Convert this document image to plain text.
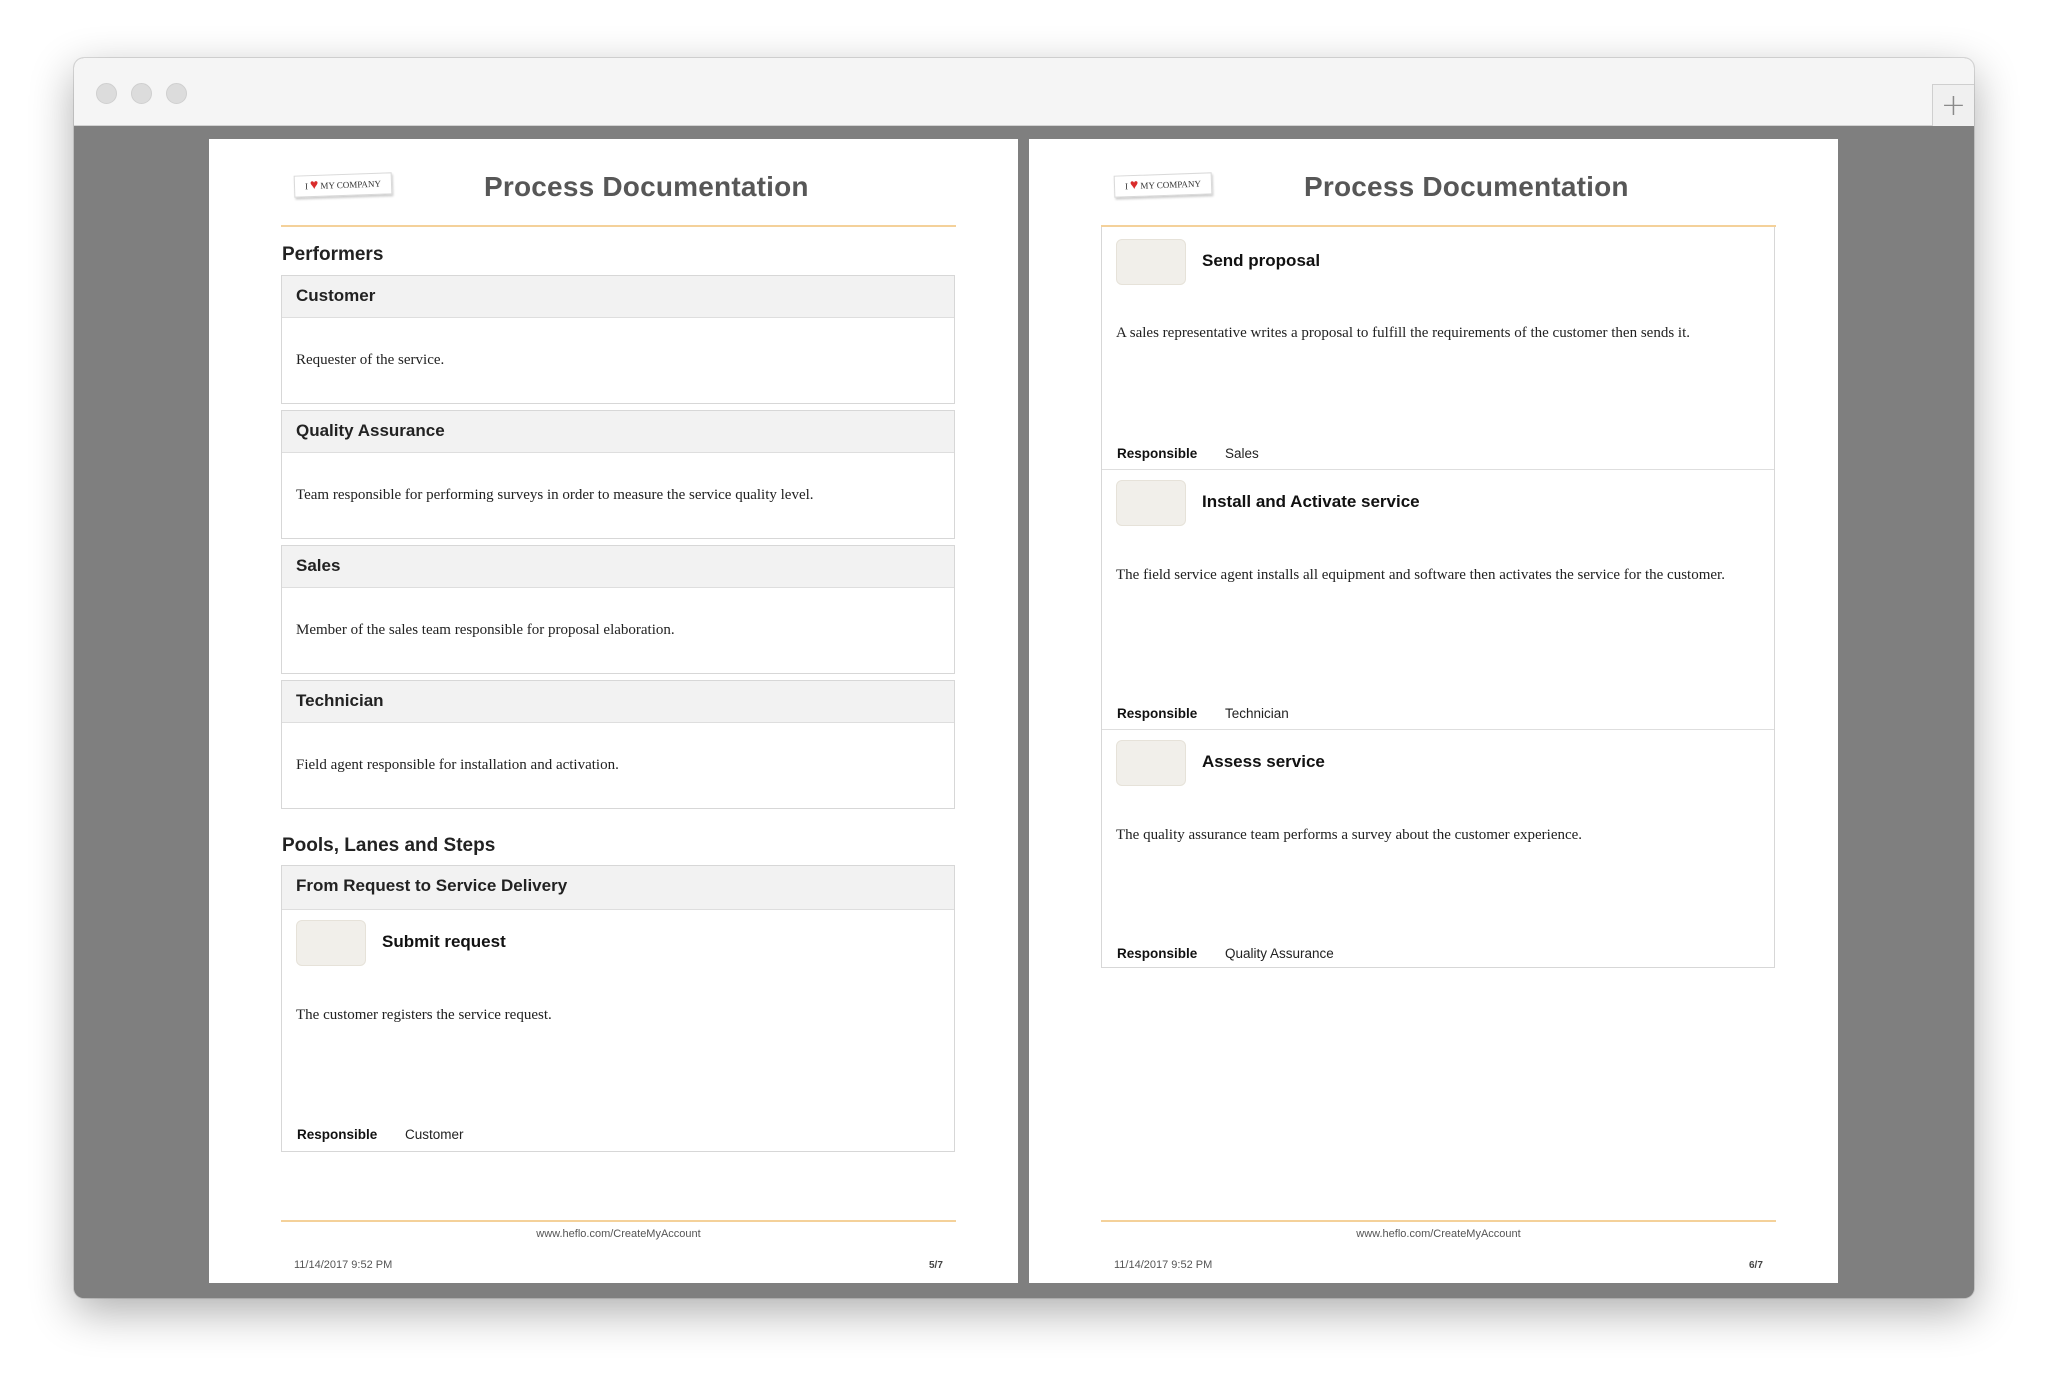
+
I ♥ MY COMPANY	Process Documentation
Performers
Customer
Requester of the service.
Quality Assurance
Team responsible for performing surveys in order to measure the service quality level.
Sales
Member of the sales team responsible for proposal elaboration.
Technician
Field agent responsible for installation and activation.
Pools, Lanes and Steps
From Request to Service Delivery
Submit request
The customer registers the service request.
Responsible Customer
www.heflo.com/CreateMyAccount
11/14/2017 9:52 PM	5/7
I ♥ MY COMPANY	Process Documentation
Send proposal
A sales representative writes a proposal to fulfill the requirements of the customer then sends it.
Responsible Sales
Install and Activate service
The field service agent installs all equipment and software then activates the service for the customer.
Responsible Technician
Assess service
The quality assurance team performs a survey about the customer experience.
Responsible Quality Assurance
www.heflo.com/CreateMyAccount
11/14/2017 9:52 PM	6/7
